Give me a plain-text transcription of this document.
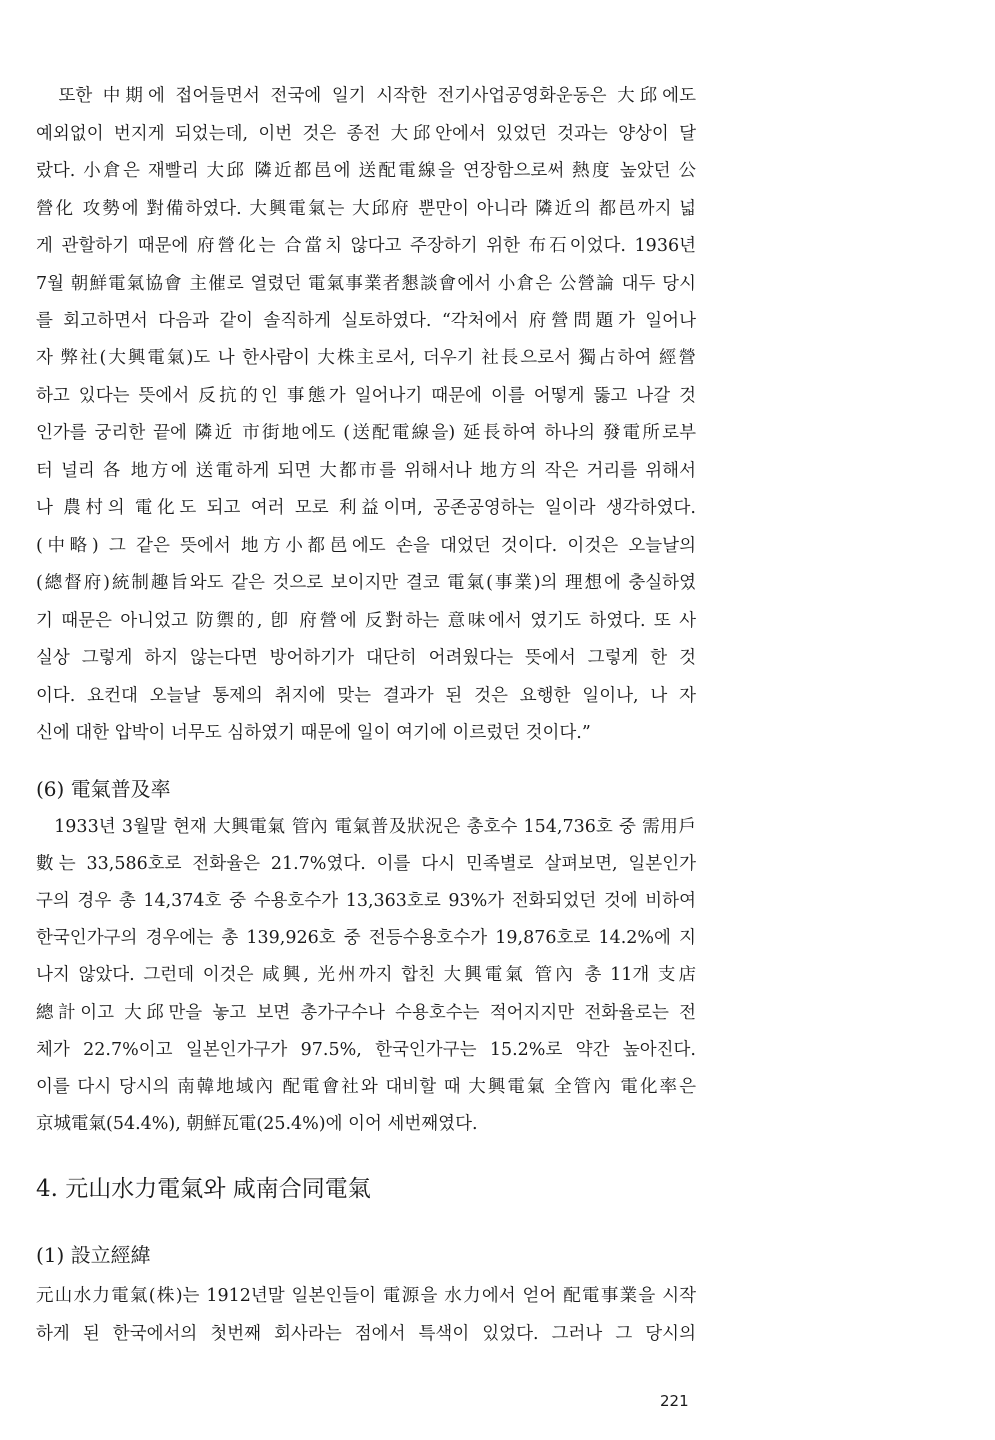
　또한 中期에 접어들면서 전국에 일기 시작한 전기사업공영화운동은 大邱에도
예외없이 번지게 되었는데, 이번 것은 종전 大邱안에서 있었던 것과는 양상이 달
랐다. 小倉은 재빨리 大邱 隣近都邑에 送配電線을 연장함으로써 熱度 높았던 公
營化 攻勢에 對備하였다. 大興電氣는 大邱府 뿐만이 아니라 隣近의 都邑까지 넓
게 관할하기 때문에 府營化는 合當치 않다고 주장하기 위한 布石이었다. 1936년
7월 朝鮮電氣協會 主催로 열렸던 電氣事業者懇談會에서 小倉은 公營論 대두 당시
를 회고하면서 다음과 같이 솔직하게 실토하였다. “각처에서 府營問題가 일어나
자 弊社(大興電氣)도 나 한사람이 大株主로서, 더우기 社長으로서 獨占하여 經營
하고 있다는 뜻에서 反抗的인 事態가 일어나기 때문에 이를 어떻게 뚫고 나갈 것
인가를 궁리한 끝에 隣近 市街地에도 (送配電線을) 延長하여 하나의 發電所로부
터 널리 各 地方에 送電하게 되면 大都市를 위해서나 地方의 작은 거리를 위해서
나 農村의 電化도 되고 여러 모로 利益이며, 공존공영하는 일이라 생각하였다.
(中略) 그 같은 뜻에서 地方小都邑에도 손을 대었던 것이다. 이것은 오늘날의
(總督府)統制趣旨와도 같은 것으로 보이지만 결코 電氣(事業)의 理想에 충실하였
기 때문은 아니었고 防禦的, 卽 府營에 反對하는 意味에서 였기도 하였다. 또 사
실상 그렇게 하지 않는다면 방어하기가 대단히 어려웠다는 뜻에서 그렇게 한 것
이다. 요컨대 오늘날 통제의 취지에 맞는 결과가 된 것은 요행한 일이나, 나 자
신에 대한 압박이 너무도 심하였기 때문에 일이 여기에 이르렀던 것이다.”
(6) 電氣普及率
　1933년 3월말 현재 大興電氣 管內 電氣普及狀況은 총호수 154,736호 중 需用戶
數는 33,586호로 전화율은 21.7%였다. 이를 다시 민족별로 살펴보면, 일본인가
구의 경우 총 14,374호 중 수용호수가 13,363호로 93%가 전화되었던 것에 비하여
한국인가구의 경우에는 총 139,926호 중 전등수용호수가 19,876호로 14.2%에 지
나지 않았다. 그런데 이것은 咸興, 光州까지 합친 大興電氣 管內 총 11개 支店
總計이고 大邱만을 놓고 보면 총가구수나 수용호수는 적어지지만 전화율로는 전
체가 22.7%이고 일본인가구가 97.5%, 한국인가구는 15.2%로 약간 높아진다.
이를 다시 당시의 南韓地域內 配電會社와 대비할 때 大興電氣 全管內 電化率은
京城電氣(54.4%), 朝鮮瓦電(25.4%)에 이어 세번째였다.
4. 元山水力電氣와 咸南合同電氣
(1) 設立經緯
元山水力電氣(株)는 1912년말 일본인들이 電源을 水力에서 얻어 配電事業을 시작
하게 된 한국에서의 첫번째 회사라는 점에서 특색이 있었다. 그러나 그 당시의
221
